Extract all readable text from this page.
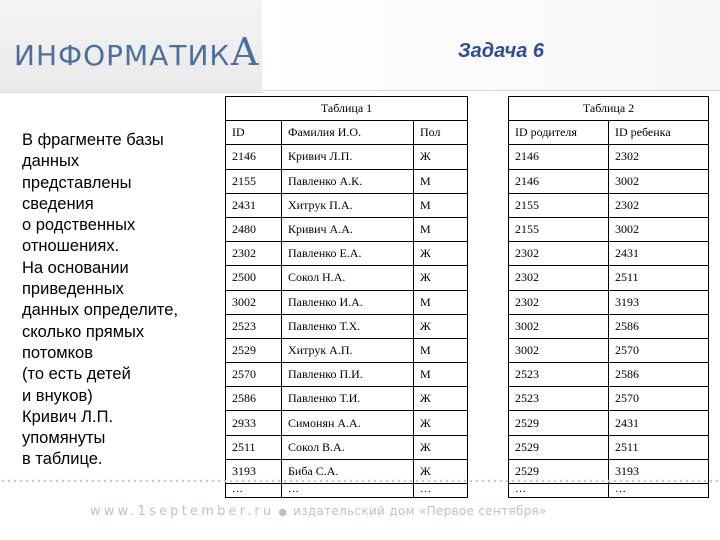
ИНФОРМАТИКА	Задача 6
В фрагменте базы
данных
представлены
сведения
о родственных
отношениях.
На основании
приведенных
данных определите,
сколько прямых
потомков
(то есть детей
и внуков)
Кривич Л.П.
упомянуты
в таблице.
Таблица 1		
ID	Фамилия И.О.	Пол
2146	Кривич Л.П.	Ж
2155	Павленко А.К.	М
2431	Хитрук П.А.	М
2480	Кривич А.А.	М
2302	Павленко Е.А.	Ж
2500	Сокол Н.А.	Ж
3002	Павленко И.А.	М
2523	Павленко Т.Х.	Ж
2529	Хитрук А.П.	М
2570	Павленко П.И.	М
2586	Павленко Т.И.	Ж
2933	Симонян А.А.	Ж
2511	Сокол В.А.	Ж
3193	Биба С.А.	Ж
…	…	…
Таблица 2	
ID родителя	ID ребенка
2146	2302
2146	3002
2155	2302
2155	3002
2302	2431
2302	2511
2302	3193
3002	2586
3002	2570
2523	2586
2523	2570
2529	2431
2529	2511
2529	3193
…	…
www.1september.ru ● издательский дом «Первое сентября»
